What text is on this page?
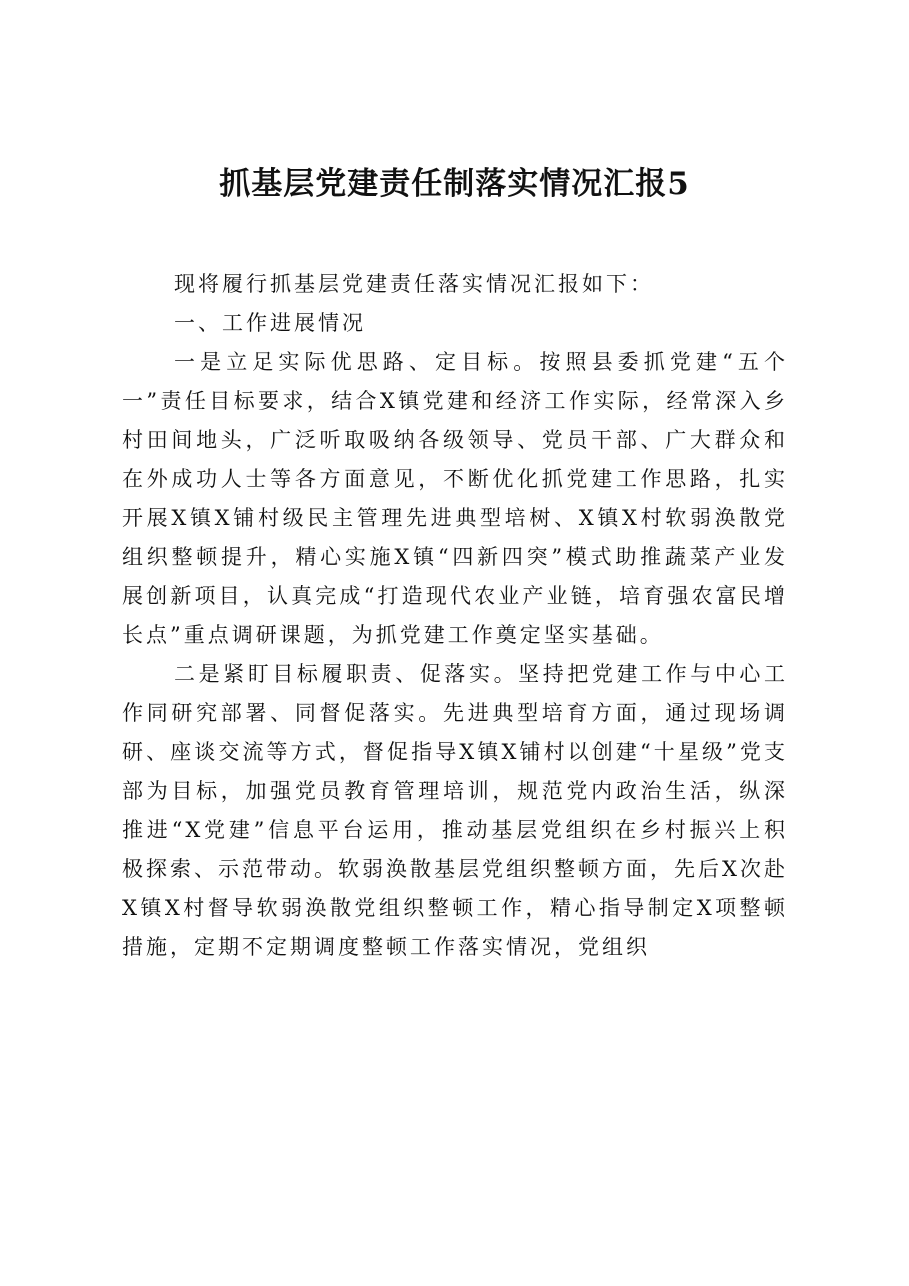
抓基层党建责任制落实情况汇报5

现将履行抓基层党建责任落实情况汇报如下：

一、工作进展情况

一是立足实际优思路、定目标。按照县委抓党建“五个一”责任目标要求，结合X镇党建和经济工作实际，经常深入乡村田间地头，广泛听取吸纳各级领导、党员干部、广大群众和在外成功人士等各方面意见，不断优化抓党建工作思路，扎实开展X镇X铺村级民主管理先进典型培树、X镇X村软弱涣散党组织整顿提升，精心实施X镇“四新四突”模式助推蔬菜产业发展创新项目，认真完成“打造现代农业产业链，培育强农富民增长点”重点调研课题，为抓党建工作奠定坚实基础。

二是紧盯目标履职责、促落实。坚持把党建工作与中心工作同研究部署、同督促落实。先进典型培育方面，通过现场调研、座谈交流等方式，督促指导X镇X铺村以创建“十星级”党支部为目标，加强党员教育管理培训，规范党内政治生活，纵深推进“X党建”信息平台运用，推动基层党组织在乡村振兴上积极探索、示范带动。软弱涣散基层党组织整顿方面，先后X次赴X镇X村督导软弱涣散党组织整顿工作，精心指导制定X项整顿措施，定期不定期调度整顿工作落实情况，党组织
